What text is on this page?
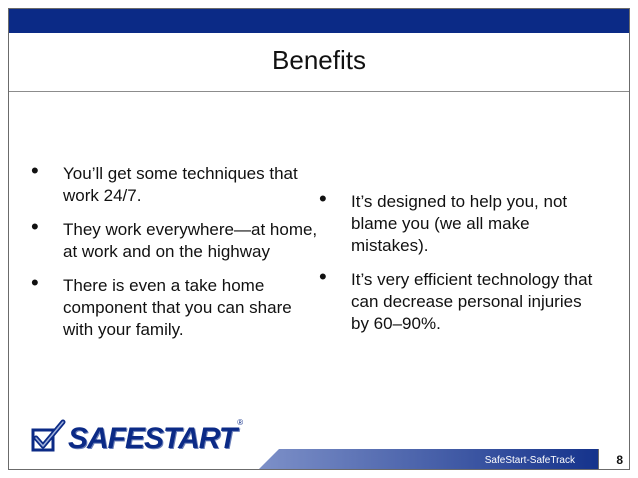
Benefits
• You’ll get some techniques that work 24/7.
• They work everywhere—at home, at work and on the highway
• There is even a take home component that you can share with your family.
• It’s designed to help you, not blame you (we all make mistakes).
• It’s very efficient technology that can decrease personal injuries by 60–90%.
SafeStart-SafeTrack	8
SAFESTART ®
